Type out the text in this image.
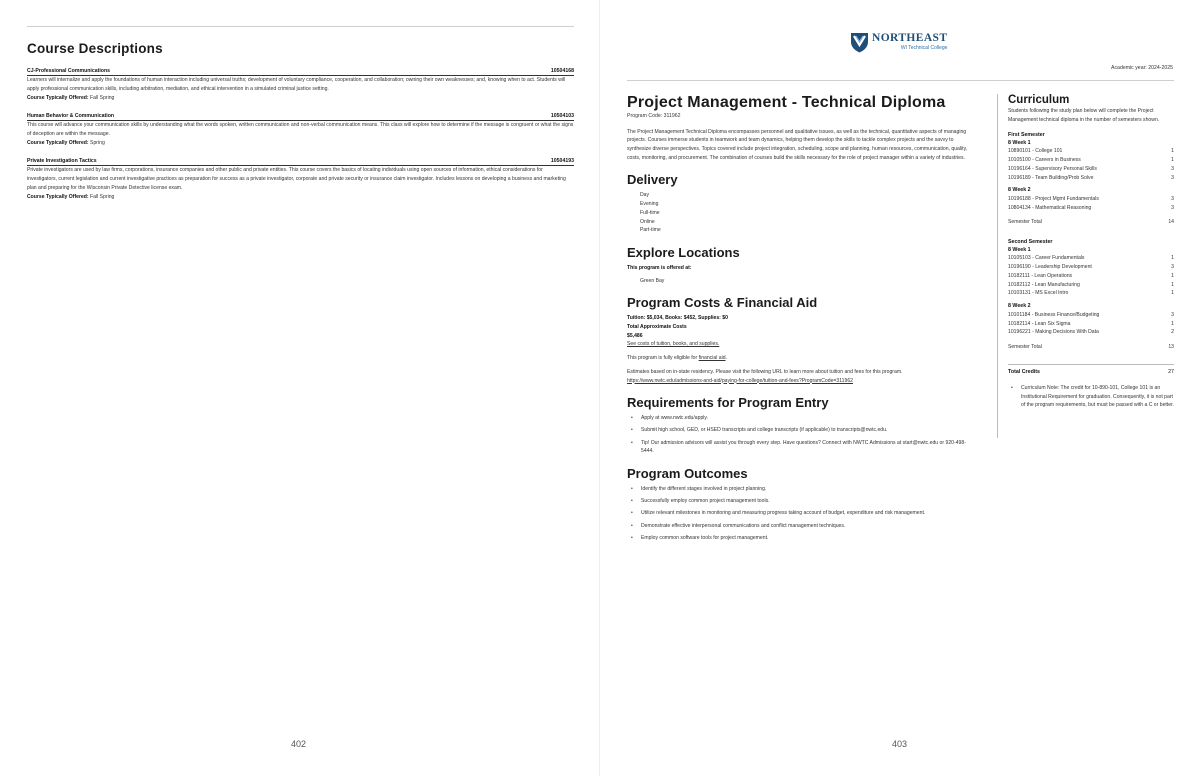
Course Descriptions
CJ-Professional Communications	10504168
Learners will internalize and apply the foundations of human interaction including universal truths; development of voluntary compliance, cooperation, and collaboration; owning their own weaknesses; and, knowing when to act. Students will apply professional communication skills, including arbitration, mediation, and ethical intervention in a simulated criminal justice setting.
Course Typically Offered: Fall Spring
Human Behavior & Communication	10504103
This course will advance your communication skills by understanding what the words spoken, written communication and non-verbal communication means. This class will explore how to determine if the message is congruent or what the signs of deception are within the message.
Course Typically Offered: Spring
Private Investigation Tactics	10504193
Private investigators are used by law firms, corporations, insurance companies and other public and private entities. This course covers the basics of locating individuals using open sources of information, ethical considerations for investigators, current legislation and current investigative practices as preparation for success as a private investigator, corporate and private security or insurance claim investigator. Includes lessons on developing a business and marketing plan and preparing for the Wisconsin Private Detective license exam.
Course Typically Offered: Fall Spring
402
NORTHEAST
WI Technical College
Academic year: 2024-2025
Project Management - Technical Diploma
Program Code: 311962
The Project Management Technical Diploma encompasses personnel and qualitative issues, as well as the technical, quantitative aspects of managing projects. Courses immerse students in teamwork and team dynamics, helping them develop the skills to tackle complex projects and the savvy to synthesize diverse perspectives. Topics covered include project integration, scheduling, scope and planning, human resources, communication, quality, costs, monitoring, and procurement. The combination of courses build the skills necessary for the role of project manager within a variety of industries.
Delivery
Day
Evening
Full-time
Online
Part-time
Explore Locations
This program is offered at:
Green Bay
Program Costs & Financial Aid
Tuition: $5,034, Books: $452, Supplies: $0
Total Approximate Costs
$5,486
See costs of tuition, books, and supplies.
This program is fully eligible for financial aid.
Estimates based on in-state residency. Please visit the following URL to learn more about tuition and fees for this program.
https://www.nwtc.edu/admissions-and-aid/paying-for-college/tuition-and-fees?ProgramCode=311962
Requirements for Program Entry
• Apply at www.nwtc.edu/apply.
• Submit high school, GED, or HSED transcripts and college transcripts (if applicable) to transcripts@nwtc.edu.
• Tip! Our admission advisors will assist you through every step. Have questions? Connect with NWTC Admissions at start@nwtc.edu or 920-498-5444.
Program Outcomes
• Identify the different stages involved in project planning.
• Successfully employ common project management tools.
• Utilize relevant milestones in monitoring and measuring progress taking account of budget, expenditure and risk management.
• Demonstrate effective interpersonal communications and conflict management techniques.
• Employ common software tools for project management.
Curriculum
Students following the study plan below will complete the Project Management technical diploma in the number of semesters shown.
First Semester
8 Week 1
10890101 - College 101	1
10105100 - Careers in Business	1
10196164 - Supervisory Personal Skills	3
10196189 - Team Building/Prob Solve	3
8 Week 2
10196188 - Project Mgmt Fundamentals	3
10804134 - Mathematical Reasoning	3
Semester Total	14
Second Semester
8 Week 1
10105103 - Career Fundamentals	1
10196190 - Leadership Development	3
10182111 - Lean Operations	1
10182112 - Lean Manufacturing	1
10103131 - MS Excel Intro	1
8 Week 2
10101184 - Business Finance/Budgeting	3
10182114 - Lean Six Sigma	1
10196221 - Making Decisions With Data	2
Semester Total	13
Total Credits	27
• Curriculum Note: The credit for 10-890-101, College 101 is an Institutional Requirement for graduation. Consequently, it is not part of the program requirements, but must be passed with a C or better.
403
